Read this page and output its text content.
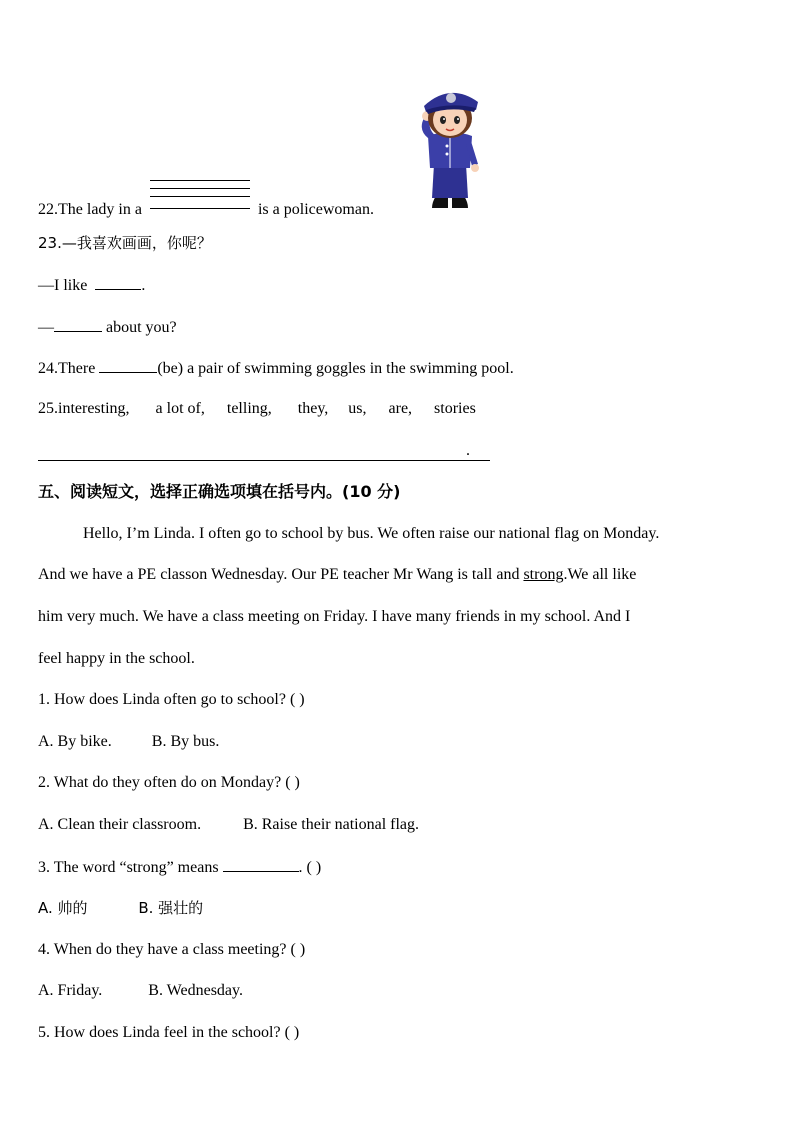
22.The lady in a	is a policewoman.
23.—我喜欢画画，你呢？
—I like	.
—	about you?
24.There	(be) a pair of swimming goggles in the swimming pool.
25.interesting, a lot of, telling, they, us, are, stories
.
五、阅读短文，选择正确选项填在括号内。(10 分)
Hello, I’m Linda. I often go to school by bus. We often raise our national flag on Monday.
And we have a PE classon Wednesday. Our PE teacher Mr Wang is tall and strong.We all like
him very much. We have a class meeting on Friday. I have many friends in my school. And I
feel happy in the school.
1. How does Linda often go to school? ( )
A. By bike.	B. By bus.
2. What do they often do on Monday? ( )
A. Clean their classroom.	B. Raise their national flag.
3. The word “strong” means	. ( )
A. 帅的	B. 强壮的
4. When do they have a class meeting? ( )
A. Friday.	B. Wednesday.
5. How does Linda feel in the school? ( )
